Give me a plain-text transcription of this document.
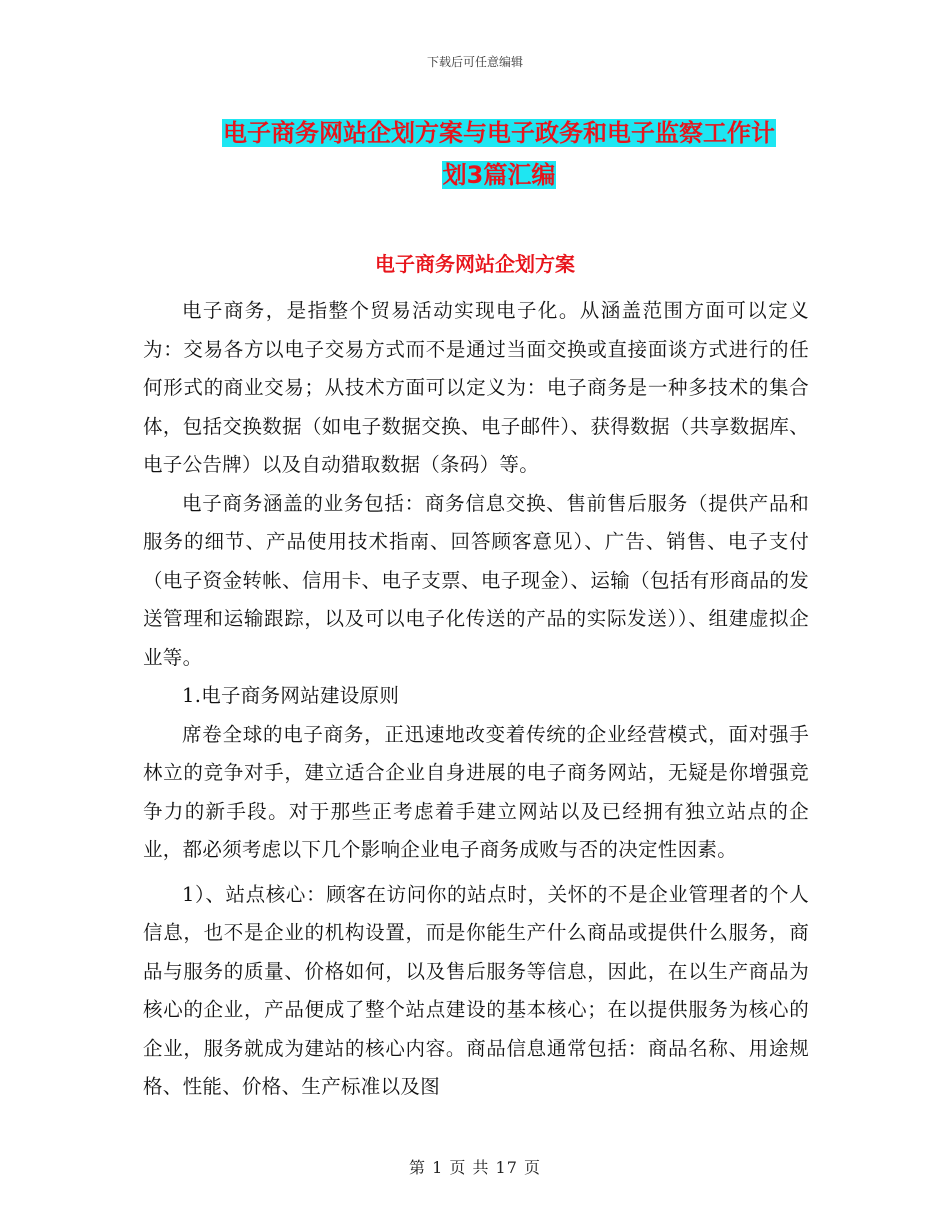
下载后可任意编辑
电子商务网站企划方案与电子政务和电子监察工作计
划3篇汇编
电子商务网站企划方案

电子商务，是指整个贸易活动实现电子化。从涵盖范围方面可以定义为：交易各方以电子交易方式而不是通过当面交换或直接面谈方式进行的任何形式的商业交易；从技术方面可以定义为：电子商务是一种多技术的集合体，包括交换数据（如电子数据交换、电子邮件）、获得数据（共享数据库、电子公告牌）以及自动猎取数据（条码）等。

电子商务涵盖的业务包括：商务信息交换、售前售后服务（提供产品和服务的细节、产品使用技术指南、回答顾客意见）、广告、销售、电子支付（电子资金转帐、信用卡、电子支票、电子现金）、运输（包括有形商品的发送管理和运输跟踪，以及可以电子化传送的产品的实际发送））、组建虚拟企业等。

1.电子商务网站建设原则

席卷全球的电子商务，正迅速地改变着传统的企业经营模式，面对强手林立的竞争对手，建立适合企业自身进展的电子商务网站，无疑是你增强竞争力的新手段。对于那些正考虑着手建立网站以及已经拥有独立站点的企业，都必须考虑以下几个影响企业电子商务成败与否的决定性因素。

1）、站点核心：顾客在访问你的站点时，关怀的不是企业管理者的个人信息，也不是企业的机构设置，而是你能生产什么商品或提供什么服务，商品与服务的质量、价格如何，以及售后服务等信息，因此，在以生产商品为核心的企业，产品便成了整个站点建设的基本核心；在以提供服务为核心的企业，服务就成为建站的核心内容。商品信息通常包括：商品名称、用途规格、性能、价格、生产标准以及图

第 1 页 共 17 页
